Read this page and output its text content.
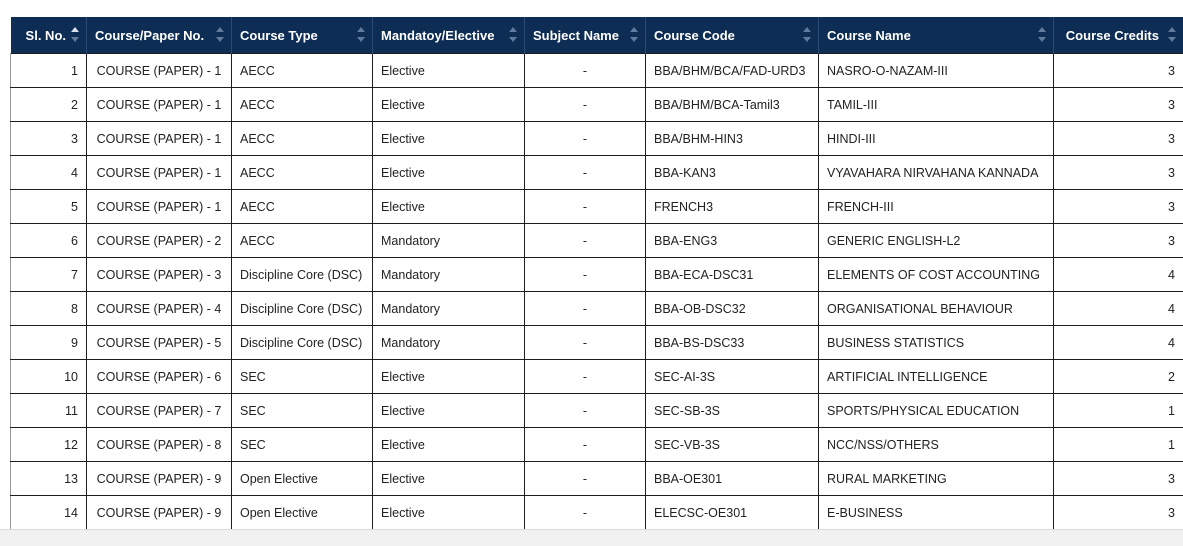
Sl. No.	Course/Paper No.	Course Type	Mandatoy/Elective	Subject Name	Course Code	Course Name	Course Credits

1	COURSE (PAPER) - 1	AECC	Elective	-	BBA/BHM/BCA/FAD-URD3	NASRO-O-NAZAM-III	3
2	COURSE (PAPER) - 1	AECC	Elective	-	BBA/BHM/BCA-Tamil3	TAMIL-III	3
3	COURSE (PAPER) - 1	AECC	Elective	-	BBA/BHM-HIN3	HINDI-III	3
4	COURSE (PAPER) - 1	AECC	Elective	-	BBA-KAN3	VYAVAHARA NIRVAHANA KANNADA	3
5	COURSE (PAPER) - 1	AECC	Elective	-	FRENCH3	FRENCH-III	3
6	COURSE (PAPER) - 2	AECC	Mandatory	-	BBA-ENG3	GENERIC ENGLISH-L2	3
7	COURSE (PAPER) - 3	Discipline Core (DSC)	Mandatory	-	BBA-ECA-DSC31	ELEMENTS OF COST ACCOUNTING	4
8	COURSE (PAPER) - 4	Discipline Core (DSC)	Mandatory	-	BBA-OB-DSC32	ORGANISATIONAL BEHAVIOUR	4
9	COURSE (PAPER) - 5	Discipline Core (DSC)	Mandatory	-	BBA-BS-DSC33	BUSINESS STATISTICS	4
10	COURSE (PAPER) - 6	SEC	Elective	-	SEC-AI-3S	ARTIFICIAL INTELLIGENCE	2
11	COURSE (PAPER) - 7	SEC	Elective	-	SEC-SB-3S	SPORTS/PHYSICAL EDUCATION	1
12	COURSE (PAPER) - 8	SEC	Elective	-	SEC-VB-3S	NCC/NSS/OTHERS	1
13	COURSE (PAPER) - 9	Open Elective	Elective	-	BBA-OE301	RURAL MARKETING	3
14	COURSE (PAPER) - 9	Open Elective	Elective	-	ELECSC-OE301	E-BUSINESS	3
